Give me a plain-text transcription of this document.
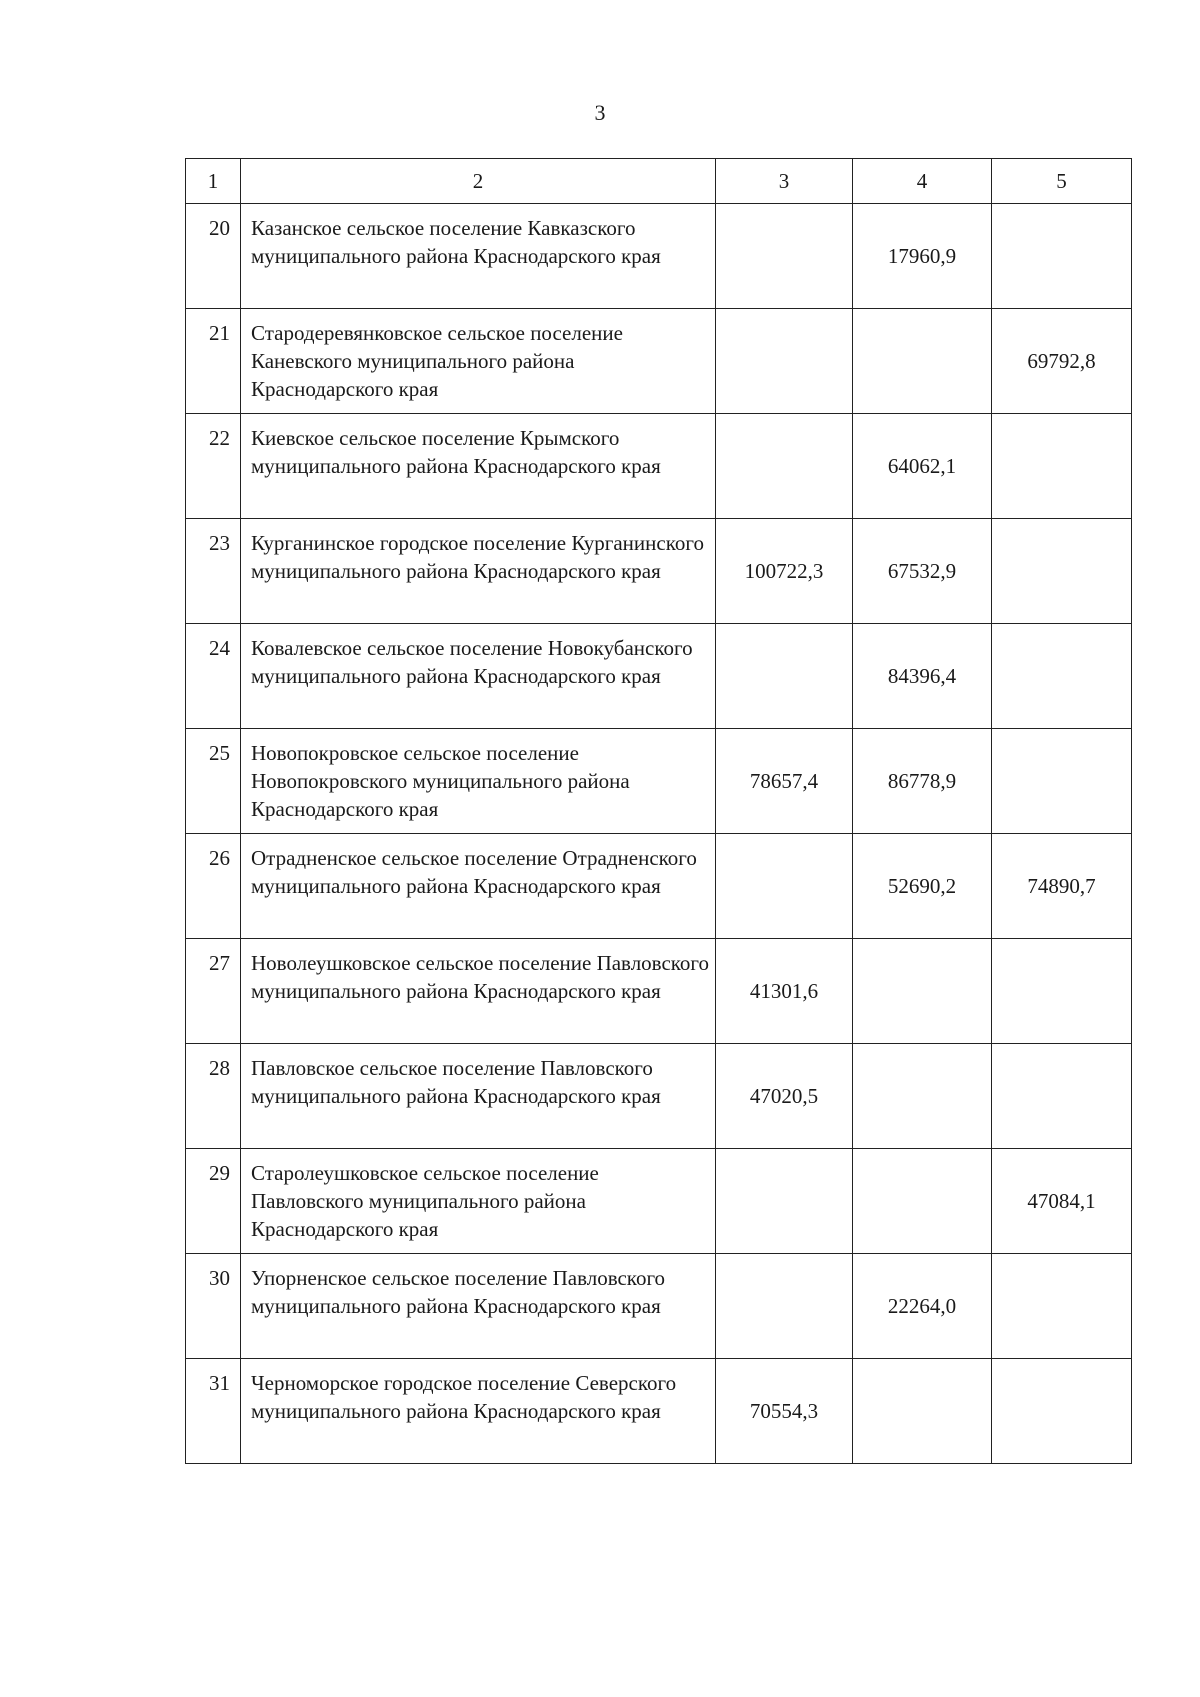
3
1	2	3	4	5
20	Казанское сельское поселение Кавказского муниципального района Краснодарского края		17960,9	
21	Стародеревянковское сельское поселение Каневского муниципального района Краснодарского края			69792,8
22	Киевское сельское поселение Крымского муниципального района Краснодарского края		64062,1	
23	Курганинское городское поселение Курганинского муниципального района Краснодарского края	100722,3	67532,9	
24	Ковалевское сельское поселение Новокубанского муниципального района Краснодарского края		84396,4	
25	Новопокровское сельское поселение Новопокровского муниципального района Краснодарского края	78657,4	86778,9	
26	Отрадненское сельское поселение Отрадненского муниципального района Краснодарского края		52690,2	74890,7
27	Новолеушковское сельское поселение Павловского муниципального района Краснодарского края	41301,6		
28	Павловское сельское поселение Павловского муниципального района Краснодарского края	47020,5		
29	Старолеушковское сельское поселение Павловского муниципального района Краснодарского края			47084,1
30	Упорненское сельское поселение Павловского муниципального района Краснодарского края		22264,0	
31	Черноморское городское поселение Северского муниципального района Краснодарского края	70554,3		
